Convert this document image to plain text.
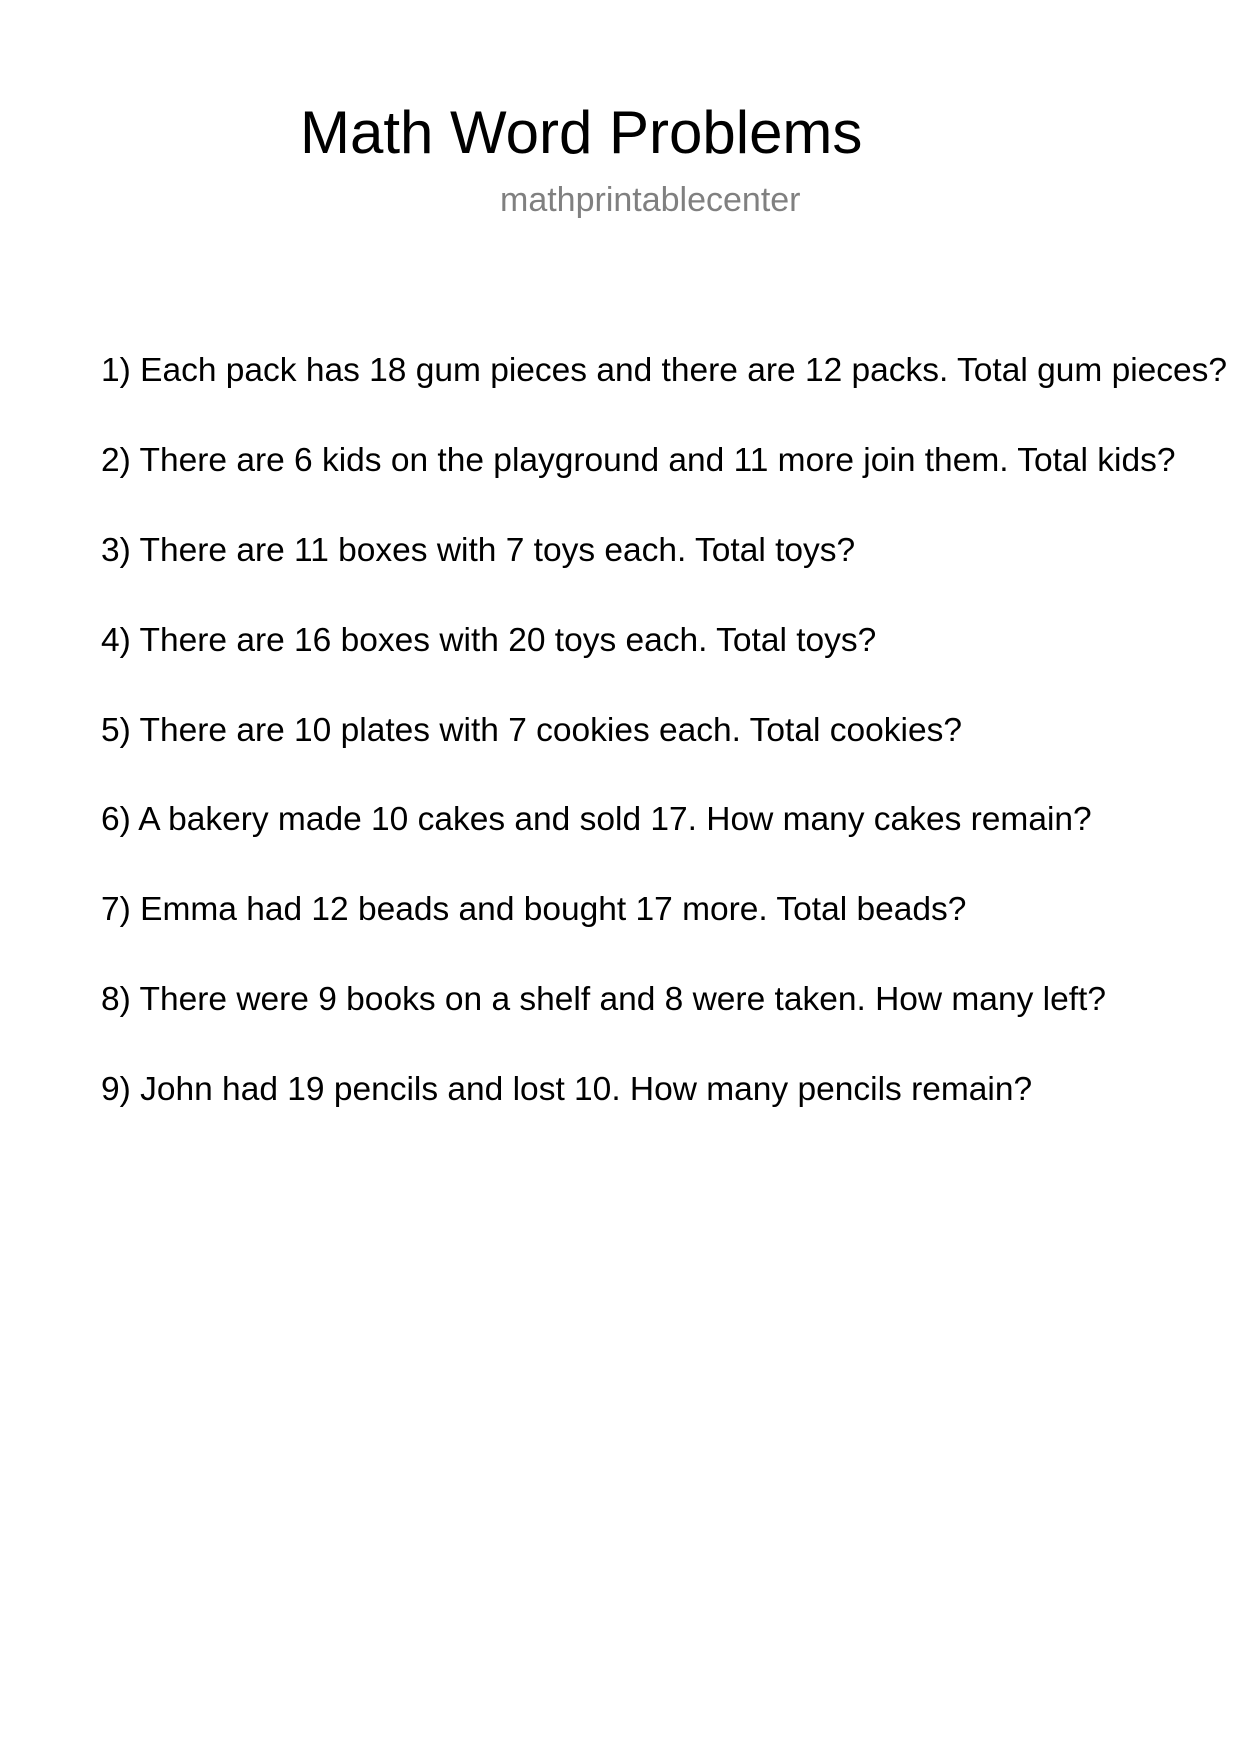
Math Word Problems
mathprintablecenter
1) Each pack has 18 gum pieces and there are 12 packs. Total gum pieces?
2) There are 6 kids on the playground and 11 more join them. Total kids?
3) There are 11 boxes with 7 toys each. Total toys?
4) There are 16 boxes with 20 toys each. Total toys?
5) There are 10 plates with 7 cookies each. Total cookies?
6) A bakery made 10 cakes and sold 17. How many cakes remain?
7) Emma had 12 beads and bought 17 more. Total beads?
8) There were 9 books on a shelf and 8 were taken. How many left?
9) John had 19 pencils and lost 10. How many pencils remain?
